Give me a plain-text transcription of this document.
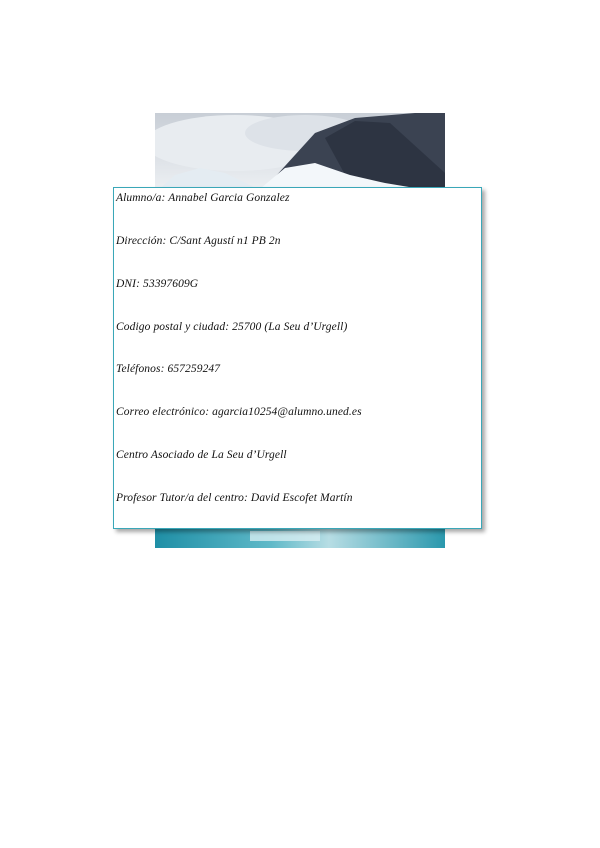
Alumno/a: Annabel Garcia Gonzalez
Dirección: C/Sant Agustí n1 PB 2n
DNI: 53397609G
Codigo postal y ciudad: 25700 (La Seu d’Urgell)
Teléfonos: 657259247
Correo electrónico: agarcia10254@alumno.uned.es
Centro Asociado de La Seu d’Urgell
Profesor Tutor/a del centro: David Escofet Martín
